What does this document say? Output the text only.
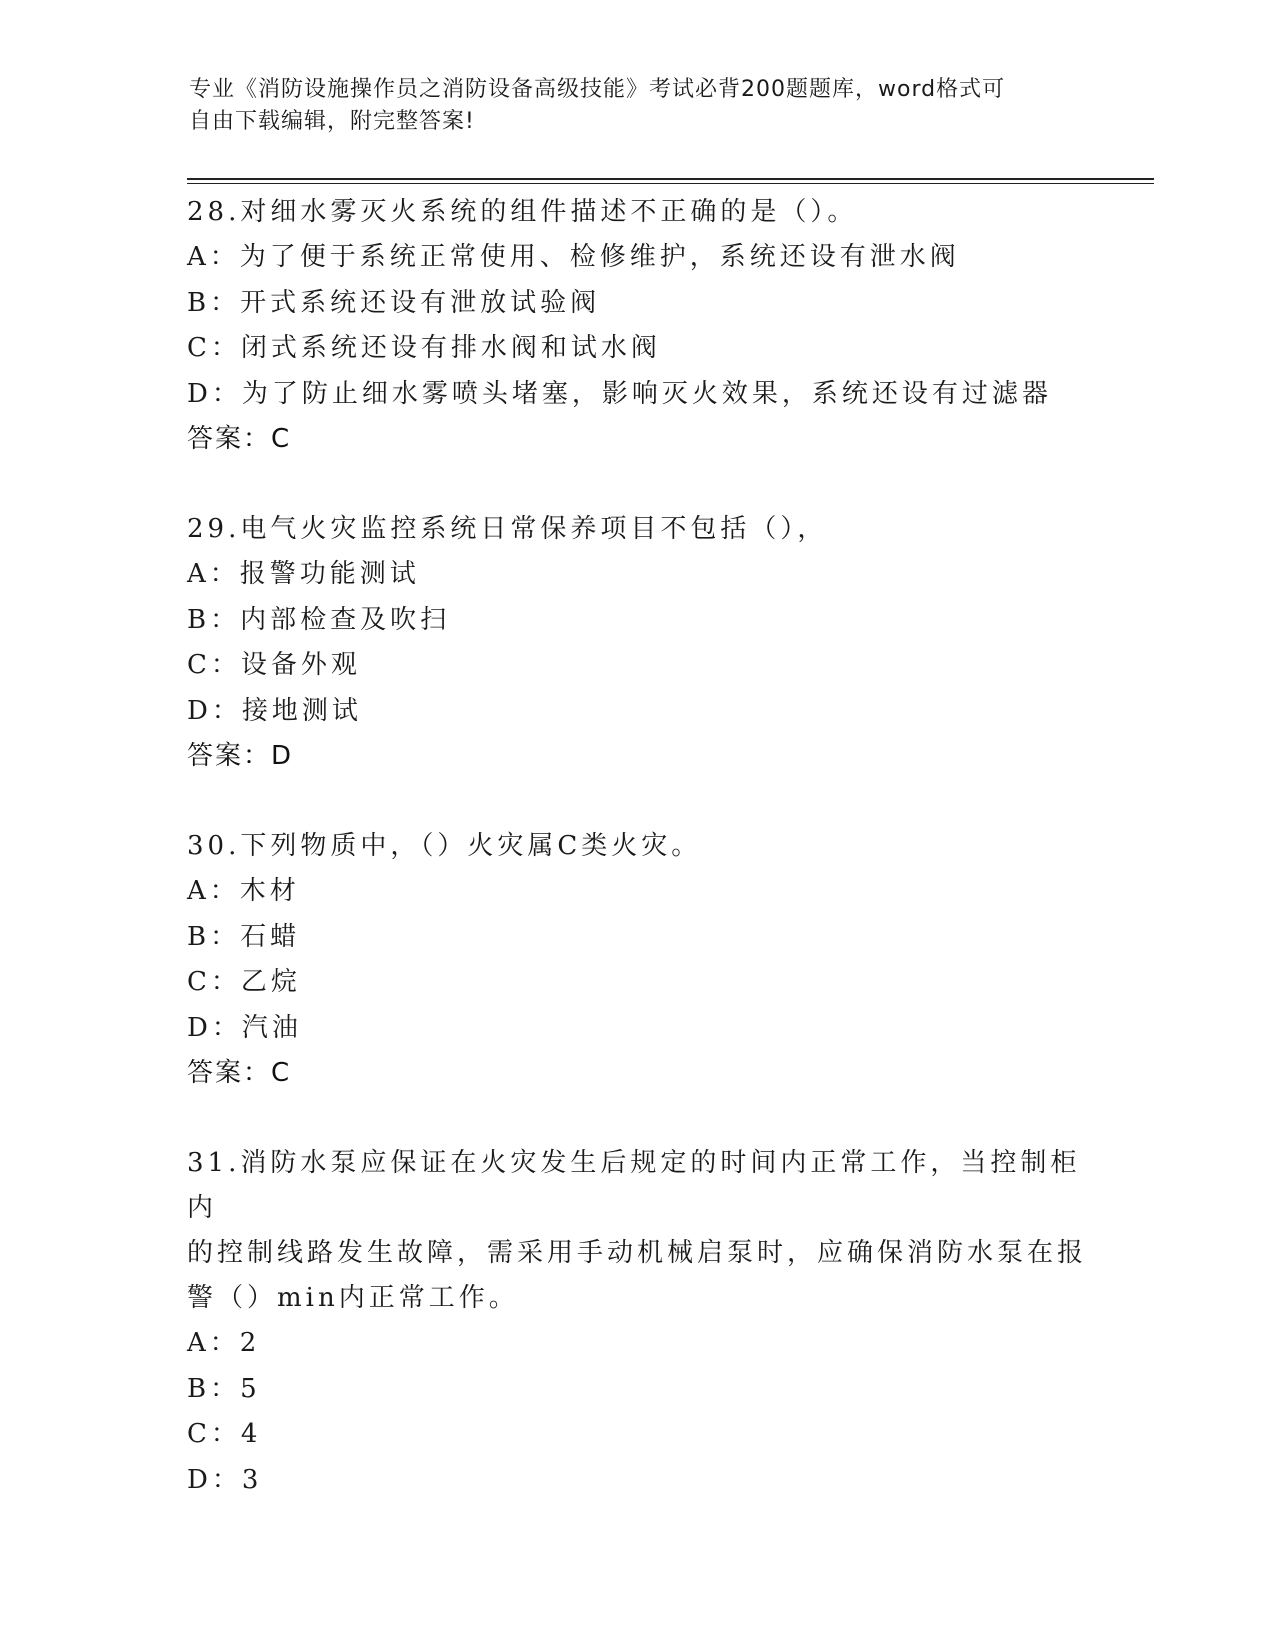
专业《消防设施操作员之消防设备高级技能》考试必背200题题库，word格式可
自由下载编辑，附完整答案!
28.对细水雾灭火系统的组件描述不正确的是（）。
A：为了便于系统正常使用、检修维护，系统还设有泄水阀
B：开式系统还设有泄放试验阀
C：闭式系统还设有排水阀和试水阀
D：为了防止细水雾喷头堵塞，影响灭火效果，系统还设有过滤器
答案：C
29.电气火灾监控系统日常保养项目不包括（），
A：报警功能测试
B：内部检查及吹扫
C：设备外观
D：接地测试
答案：D
30.下列物质中，（）火灾属C类火灾。
A：木材
B：石蜡
C：乙烷
D：汽油
答案：C
31.消防水泵应保证在火灾发生后规定的时间内正常工作，当控制柜内
的控制线路发生故障，需采用手动机械启泵时，应确保消防水泵在报
警（）min内正常工作。
A：2
B：5
C：4
D：3
